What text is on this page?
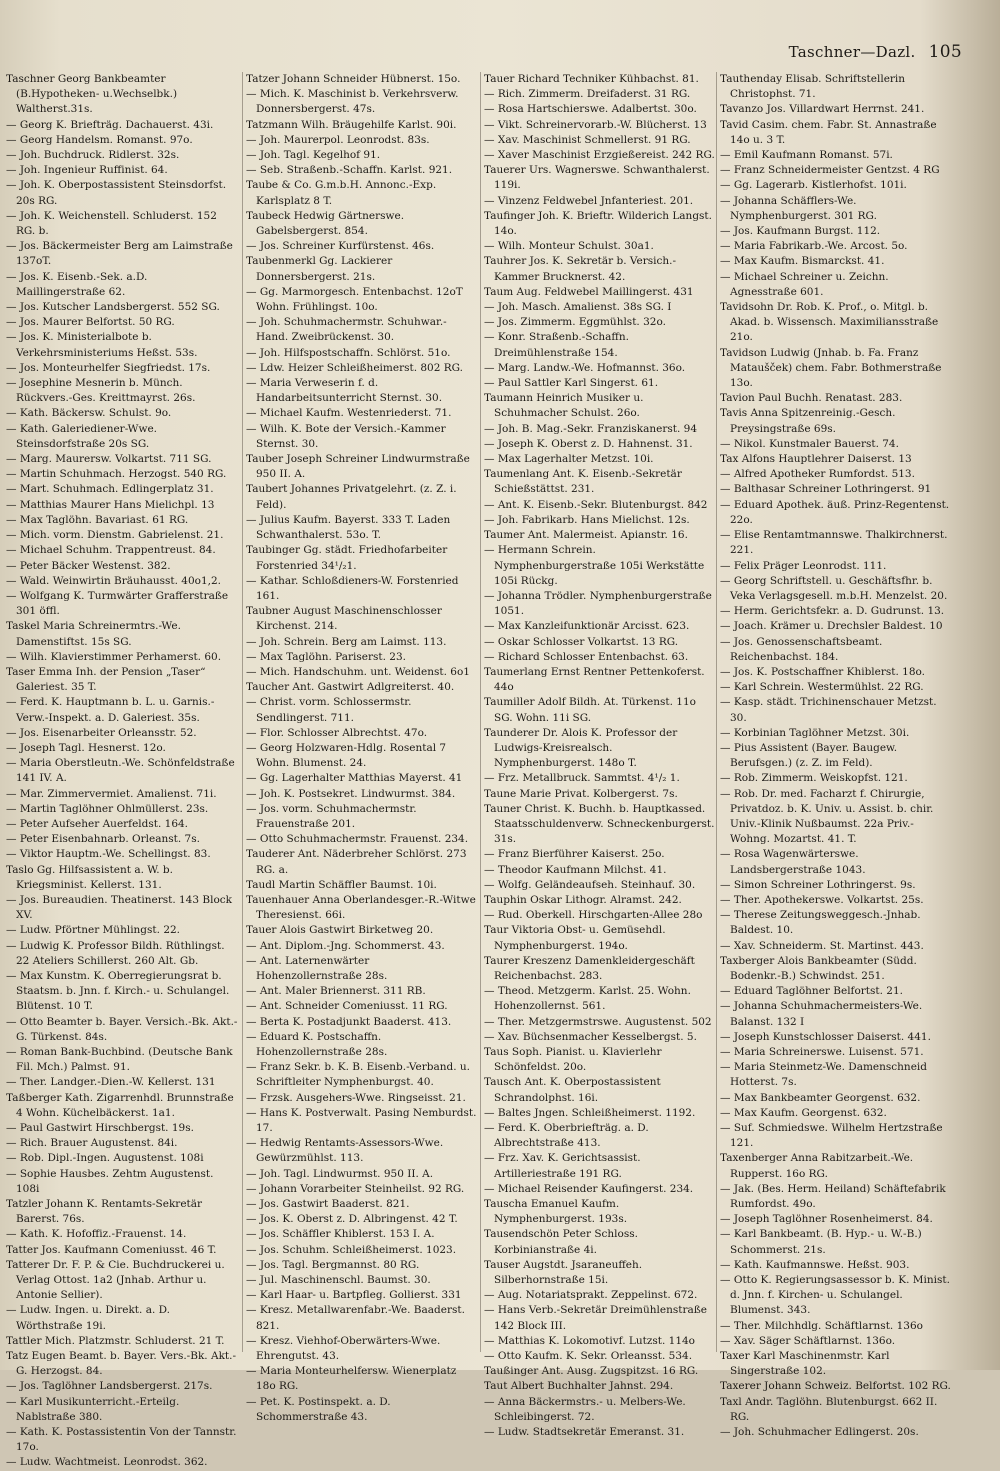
Taschner—Dazl. 105

Taschner Georg Bankbeamter (B.Hypotheken- u.Wechselbk.) Waltherst.31s.

— Georg K. Briefträg. Dachauerst. 43i.

— Georg Handelsm. Romanst. 97o.

— Joh. Buchdruck. Ridlerst. 32s.

— Joh. Ingenieur Ruffinist. 64.

— Joh. K. Oberpostassistent Steinsdorfst. 20s RG.

— Joh. K. Weichenstell. Schluderst. 152 RG. b.

— Jos. Bäckermeister Berg am Laimstraße 137oT.

— Jos. K. Eisenb.-Sek. a.D. Maillingerstraße 62.

— Jos. Kutscher Landsbergerst. 552 SG.

— Jos. Maurer Belfortst. 50 RG.

— Jos. K. Ministerialbote b. Verkehrsministeriums Heßst. 53s.

— Jos. Monteurhelfer Siegfriedst. 17s.

— Josephine Mesnerin b. Münch. Rückvers.-Ges. Kreittmayrst. 26s.

— Kath. Bäckersw. Schulst. 9o.

— Kath. Galeriediener-Wwe. Steinsdorfstraße 20s SG.

— Marg. Maurersw. Volkartst. 711 SG.

— Martin Schuhmach. Herzogst. 540 RG.

— Mart. Schuhmach. Edlingerplatz 31.

— Matthias Maurer Hans Mielichpl. 13

— Max Taglöhn. Bavariast. 61 RG.

— Mich. vorm. Dienstm. Gabrielenst. 21.

— Michael Schuhm. Trappentreust. 84.

— Peter Bäcker Westenst. 382.

— Wald. Weinwirtin Bräuhausst. 40o1,2.

— Wolfgang K. Turmwärter Grafferstraße 301 öffl.

Taskel Maria Schreinermtrs.-We. Damenstiftst. 15s SG.

— Wilh. Klavierstimmer Perhamerst. 60.

Taser Emma Inh. der Pension „Taser“ Galeriest. 35 T.

— Ferd. K. Hauptmann b. L. u. Garnis.-Verw.-Inspekt. a. D. Galeriest. 35s.

— Jos. Eisenarbeiter Orleansstr. 52.

— Joseph Tagl. Hesnerst. 12o.

— Maria Oberstleutn.-We. Schönfeldstraße 141 IV. A.

— Mar. Zimmervermiet. Amalienst. 71i.

— Martin Taglöhner Ohlmüllerst. 23s.

— Peter Aufseher Auerfeldst. 164.

— Peter Eisenbahnarb. Orleanst. 7s.

— Viktor Hauptm.-We. Schellingst. 83.

Taslo Gg. Hilfsassistent a. W. b. Kriegsminist. Kellerst. 131.

— Jos. Bureaudien. Theatinerst. 143 Block XV.

— Ludw. Pförtner Mühlingst. 22.

— Ludwig K. Professor Bildh. Rüthlingst. 22 Ateliers Schillerst. 260 Alt. Gb.

— Max Kunstm. K. Oberregierungsrat b. Staatsm. b. Jnn. f. Kirch.- u. Schulangel. Blütenst. 10 T.

— Otto Beamter b. Bayer. Versich.-Bk. Akt.-G. Türkenst. 84s.

— Roman Bank-Buchbind. (Deutsche Bank Fil. Mch.) Palmst. 91.

— Ther. Landger.-Dien.-W. Kellerst. 131

Taßberger Kath. Zigarrenhdl. Brunnstraße 4 Wohn. Küchelbäckerst. 1a1.

— Paul Gastwirt Hirschbergst. 19s.

— Rich. Brauer Augustenst. 84i.

— Rob. Dipl.-Ingen. Augustenst. 108i

— Sophie Hausbes. Zehtm Augustenst. 108i

Tatzler Johann K. Rentamts-Sekretär Barerst. 76s.

— Kath. K. Hofoffiz.-Frauenst. 14.

Tatter Jos. Kaufmann Comeniusst. 46 T.

Tatterer Dr. F. P. & Cie. Buchdruckerei u. Verlag Ottost. 1a2 (Jnhab. Arthur u. Antonie Sellier).

— Ludw. Ingen. u. Direkt. a. D. Wörthstraße 19i.

Tattler Mich. Platzmstr. Schluderst. 21 T.

Tatz Eugen Beamt. b. Bayer. Vers.-Bk. Akt.-G. Herzogst. 84.

— Jos. Taglöhner Landsbergerst. 217s.

— Karl Musikunterricht.-Erteilg. Nablstraße 380.

— Kath. K. Postassistentin Von der Tannstr. 17o.

— Ludw. Wachtmeist. Leonrodst. 362.

Tatzer Johann Schneider Hübnerst. 15o.

— Mich. K. Maschinist b. Verkehrsverw. Donnersbergerst. 47s.

Tatzmann Wilh. Bräugehilfe Karlst. 90i.

— Joh. Maurerpol. Leonrodst. 83s.

— Joh. Tagl. Kegelhof 91.

— Seb. Straßenb.-Schaffn. Karlst. 921.

Taube & Co. G.m.b.H. Annonc.-Exp. Karlsplatz 8 T.

Taubeck Hedwig Gärtnerswe. Gabelsbergerst. 854.

— Jos. Schreiner Kurfürstenst. 46s.

Taubenmerkl Gg. Lackierer Donnersbergerst. 21s.

— Gg. Marmorgesch. Entenbachst. 12oT Wohn. Frühlingst. 10o.

— Joh. Schuhmachermstr. Schuhwar.-Hand. Zweibrückenst. 30.

— Joh. Hilfspostschaffn. Schlörst. 51o.

— Ldw. Heizer Schleißheimerst. 802 RG.

— Maria Verweserin f. d. Handarbeitsunterricht Sternst. 30.

— Michael Kaufm. Westenriederst. 71.

— Wilh. K. Bote der Versich.-Kammer Sternst. 30.

Tauber Joseph Schreiner Lindwurmstraße 950 II. A.

Taubert Johannes Privatgelehrt. (z. Z. i. Feld).

— Julius Kaufm. Bayerst. 333 T. Laden Schwanthalerst. 53o. T.

Taubinger Gg. städt. Friedhofarbeiter Forstenried 34¹/₂1.

— Kathar. Schloßdieners-W. Forstenried 161.

Taubner August Maschinenschlosser Kirchenst. 214.

— Joh. Schrein. Berg am Laimst. 113.

— Max Taglöhn. Pariserst. 23.

— Mich. Handschuhm. unt. Weidenst. 6o1

Taucher Ant. Gastwirt Adlgreiterst. 40.

— Christ. vorm. Schlossermstr. Sendlingerst. 711.

— Flor. Schlosser Albrechtst. 47o.

— Georg Holzwaren-Hdlg. Rosental 7 Wohn. Blumenst. 24.

— Gg. Lagerhalter Matthias Mayerst. 41

— Joh. K. Postsekret. Lindwurmst. 384.

— Jos. vorm. Schuhmachermstr. Frauenstraße 201.

— Otto Schuhmachermstr. Frauenst. 234.

Tauderer Ant. Näderbreher Schlörst. 273 RG. a.

Taudl Martin Schäffler Baumst. 10i.

Tauenhauer Anna Oberlandesger.-R.-Witwe Theresienst. 66i.

Tauer Alois Gastwirt Birketweg 20.

— Ant. Diplom.-Jng. Schommerst. 43.

— Ant. Laternenwärter Hohenzollernstraße 28s.

— Ant. Maler Briennerst. 311 RB.

— Ant. Schneider Comeniusst. 11 RG.

— Berta K. Postadjunkt Baaderst. 413.

— Eduard K. Postschaffn. Hohenzollernstraße 28s.

— Franz Sekr. b. K. B. Eisenb.-Verband. u. Schriftleiter Nymphenburgst. 40.

— Frzsk. Ausgehers-Wwe. Ringseisst. 21.

— Hans K. Postverwalt. Pasing Nemburdst. 17.

— Hedwig Rentamts-Assessors-Wwe. Gewürzmühlst. 113.

— Joh. Tagl. Lindwurmst. 950 II. A.

— Johann Vorarbeiter Steinheilst. 92 RG.

— Jos. Gastwirt Baaderst. 821.

— Jos. K. Oberst z. D. Albringenst. 42 T.

— Jos. Schäffler Khiblerst. 153 I. A.

— Jos. Schuhm. Schleißheimerst. 1023.

— Jos. Tagl. Bergmannst. 80 RG.

— Jul. Maschinenschl. Baumst. 30.

— Karl Haar- u. Bartpfleg. Gollierst. 331

— Kresz. Metallwarenfabr.-We. Baaderst. 821.

— Kresz. Viehhof-Oberwärters-Wwe. Ehrengutst. 43.

— Maria Monteurhelfersw. Wienerplatz 18o RG.

— Pet. K. Postinspekt. a. D. Schommerstraße 43.

Tauer Richard Techniker Kühbachst. 81.

— Rich. Zimmerm. Dreifaderst. 31 RG.

— Rosa Hartschierswe. Adalbertst. 30o.

— Vikt. Schreinervorarb.-W. Blücherst. 13

— Xav. Maschinist Schmellerst. 91 RG.

— Xaver Maschinist Erzgießereist. 242 RG.

Tauerer Urs. Wagnerswe. Schwanthalerst. 119i.

— Vinzenz Feldwebel Jnfanteriest. 201.

Taufinger Joh. K. Brieftr. Wilderich Langst. 14o.

— Wilh. Monteur Schulst. 30a1.

Tauhrer Jos. K. Sekretär b. Versich.-Kammer Brucknerst. 42.

Taum Aug. Feldwebel Maillingerst. 431

— Joh. Masch. Amalienst. 38s SG. I

— Jos. Zimmerm. Eggmühlst. 32o.

— Konr. Straßenb.-Schaffn. Dreimühlenstraße 154.

— Marg. Landw.-We. Hofmannst. 36o.

— Paul Sattler Karl Singerst. 61.

Taumann Heinrich Musiker u. Schuhmacher Schulst. 26o.

— Joh. B. Mag.-Sekr. Franziskanerst. 94

— Joseph K. Oberst z. D. Hahnenst. 31.

— Max Lagerhalter Metzst. 10i.

Taumenlang Ant. K. Eisenb.-Sekretär Schießstättst. 231.

— Ant. K. Eisenb.-Sekr. Blutenburgst. 842

— Joh. Fabrikarb. Hans Mielichst. 12s.

Taumer Ant. Malermeist. Apianstr. 16.

— Hermann Schrein. Nymphenburgerstraße 105i Werkstätte 105i Rückg.

— Johanna Trödler. Nymphenburgerstraße 1051.

— Max Kanzleifunktionär Arcisst. 623.

— Oskar Schlosser Volkartst. 13 RG.

— Richard Schlosser Entenbachst. 63.

Taumerlang Ernst Rentner Pettenkoferst. 44o

Taumiller Adolf Bildh. At. Türkenst. 11o SG. Wohn. 11i SG.

Taunderer Dr. Alois K. Professor der Ludwigs-Kreisrealsch. Nymphenburgerst. 148o T.

— Frz. Metallbruck. Sammtst. 4¹/₂ 1.

Taune Marie Privat. Kolbergerst. 7s.

Tauner Christ. K. Buchh. b. Hauptkassed. Staatsschuldenverw. Schneckenburgerst. 31s.

— Franz Bierführer Kaiserst. 25o.

— Theodor Kaufmann Milchst. 41.

— Wolfg. Geländeaufseh. Steinhauf. 30.

Tauphin Oskar Lithogr. Alramst. 242.

— Rud. Oberkell. Hirschgarten-Allee 28o

Taur Viktoria Obst- u. Gemüsehdl. Nymphenburgerst. 194o.

Taurer Kreszenz Damenkleidergeschäft Reichenbachst. 283.

— Theod. Metzgerm. Karlst. 25. Wohn. Hohenzollernst. 561.

— Ther. Metzgermstrswe. Augustenst. 502

— Xav. Büchsenmacher Kesselbergst. 5.

Taus Soph. Pianist. u. Klavierlehr Schönfeldst. 20o.

Tausch Ant. K. Oberpostassistent Schrandolphst. 16i.

— Baltes Jngen. Schleißheimerst. 1192.

— Ferd. K. Oberbriefträg. a. D. Albrechtstraße 413.

— Frz. Xav. K. Gerichtsassist. Artilleriestraße 191 RG.

— Michael Reisender Kaufingerst. 234.

Tauscha Emanuel Kaufm. Nymphenburgerst. 193s.

Tausendschön Peter Schloss. Korbinianstraße 4i.

Tauser Augstdt. Jsaraneuffeh. Silberhornstraße 15i.

— Aug. Notariatsprakt. Zeppelinst. 672.

— Hans Verb.-Sekretär Dreimühlenstraße 142 Block III.

— Matthias K. Lokomotivf. Lutzst. 114o

— Otto Kaufm. K. Sekr. Orleansst. 534.

Taußinger Ant. Ausg. Zugspitzst. 16 RG.

Taut Albert Buchhalter Jahnst. 294.

— Anna Bäckermstrs.- u. Melbers-We. Schleibingerst. 72.

— Ludw. Stadtsekretär Emeranst. 31.

Tauthenday Elisab. Schriftstellerin Christophst. 71.

Tavanzo Jos. Villardwart Herrnst. 241.

Tavid Casim. chem. Fabr. St. Annastraße 14o u. 3 T.

— Emil Kaufmann Romanst. 57i.

— Franz Schneidermeister Gentzst. 4 RG

— Gg. Lagerarb. Kistlerhofst. 101i.

— Johanna Schäfflers-We. Nymphenburgerst. 301 RG.

— Jos. Kaufmann Burgst. 112.

— Maria Fabrikarb.-We. Arcost. 5o.

— Max Kaufm. Bismarckst. 41.

— Michael Schreiner u. Zeichn. Agnesstraße 601.

Tavidsohn Dr. Rob. K. Prof., o. Mitgl. b. Akad. b. Wissensch. Maximiliansstraße 21o.

Tavidson Ludwig (Jnhab. b. Fa. Franz Mataušček) chem. Fabr. Bothmerstraße 13o.

Tavion Paul Buchh. Renatast. 283.

Tavis Anna Spitzenreinig.-Gesch. Preysingstraße 69s.

— Nikol. Kunstmaler Bauerst. 74.

Tax Alfons Hauptlehrer Daiserst. 13

— Alfred Apotheker Rumfordst. 513.

— Balthasar Schreiner Lothringerst. 91

— Eduard Apothek. äuß. Prinz-Regentenst. 22o.

— Elise Rentamtmannswe. Thalkirchnerst. 221.

— Felix Präger Leonrodst. 111.

— Georg Schriftstell. u. Geschäftsfhr. b. Veka Verlagsgesell. m.b.H. Menzelst. 20.

— Herm. Gerichtsfekr. a. D. Gudrunst. 13.

— Joach. Krämer u. Drechsler Baldest. 10

— Jos. Genossenschaftsbeamt. Reichenbachst. 184.

— Jos. K. Postschaffner Khiblerst. 18o.

— Karl Schrein. Westermühlst. 22 RG.

— Kasp. städt. Trichinenschauer Metzst. 30.

— Korbinian Taglöhner Metzst. 30i.

— Pius Assistent (Bayer. Baugew. Berufsgen.) (z. Z. im Feld).

— Rob. Zimmerm. Weiskopfst. 121.

— Rob. Dr. med. Facharzt f. Chirurgie, Privatdoz. b. K. Univ. u. Assist. b. chir. Univ.-Klinik Nußbaumst. 22a Priv.-Wohng. Mozartst. 41. T.

— Rosa Wagenwärterswe. Landsbergerstraße 1043.

— Simon Schreiner Lothringerst. 9s.

— Ther. Apothekerswe. Volkartst. 25s.

— Therese Zeitungsweggesch.-Jnhab. Baldest. 10.

— Xav. Schneiderm. St. Martinst. 443.

Taxberger Alois Bankbeamter (Südd. Bodenkr.-B.) Schwindst. 251.

— Eduard Taglöhner Belfortst. 21.

— Johanna Schuhmachermeisters-We. Balanst. 132 I

— Joseph Kunstschlosser Daiserst. 441.

— Maria Schreinerswe. Luisenst. 571.

— Maria Steinmetz-We. Damenschneid Hotterst. 7s.

— Max Bankbeamter Georgenst. 632.

— Max Kaufm. Georgenst. 632.

— Suf. Schmiedswe. Wilhelm Hertzstraße 121.

Taxenberger Anna Rabitzarbeit.-We. Rupperst. 16o RG.

— Jak. (Bes. Herm. Heiland) Schäftefabrik Rumfordst. 49o.

— Joseph Taglöhner Rosenheimerst. 84.

— Karl Bankbeamt. (B. Hyp.- u. W.-B.) Schommerst. 21s.

— Kath. Kaufmannswe. Heßst. 903.

— Otto K. Regierungsassessor b. K. Minist. d. Jnn. f. Kirchen- u. Schulangel. Blumenst. 343.

— Ther. Milchhdlg. Schäftlarnst. 136o

— Xav. Säger Schäftlarnst. 136o.

Taxer Karl Maschinenmstr. Karl Singerstraße 102.

Taxerer Johann Schweiz. Belfortst. 102 RG.

Taxl Andr. Taglöhn. Blutenburgst. 662 II. RG.

— Joh. Schuhmacher Edlingerst. 20s.
